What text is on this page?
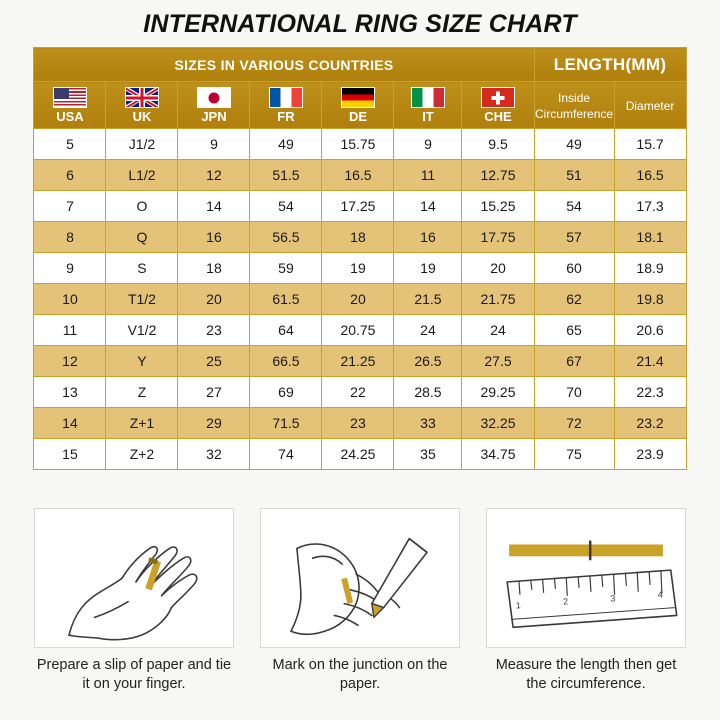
INTERNATIONAL RING SIZE CHART
SIZES IN VARIOUS COUNTRIES							LENGTH(MM)	

USA	UK	JPN	FR	DE	IT	CHE	Inside Circumference	Diameter
5	J1/2	9	49	15.75	9	9.5	49	15.7
6	L1/2	12	51.5	16.5	11	12.75	51	16.5
7	O	14	54	17.25	14	15.25	54	17.3
8	Q	16	56.5	18	16	17.75	57	18.1
9	S	18	59	19	19	20	60	18.9
10	T1/2	20	61.5	20	21.5	21.75	62	19.8
11	V1/2	23	64	20.75	24	24	65	20.6
12	Y	25	66.5	21.25	26.5	27.5	67	21.4
13	Z	27	69	22	28.5	29.25	70	22.3
14	Z+1	29	71.5	23	33	32.25	72	23.2
15	Z+2	32	74	24.25	35	34.75	75	23.9
Prepare a slip of paper and tie it on your finger.
Mark on the junction on the paper.
1	2	3	4
Measure the length then get the circumference.
